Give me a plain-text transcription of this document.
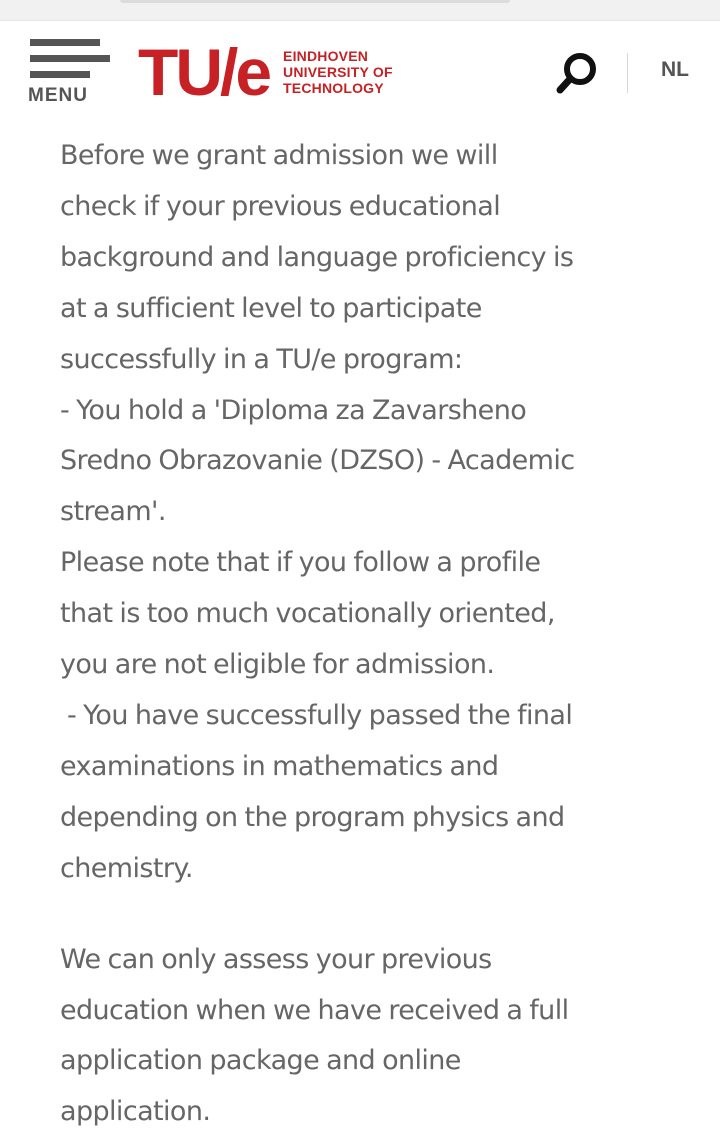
MENU TU/e EINDHOVEN
UNIVERSITY OF
TECHNOLOGY
NL

Before we grant admission we will
check if your previous educational
background and language proficiency is
at a sufficient level to participate
successfully in a TU/e program:
- You hold a 'Diploma za Zavarsheno
Sredno Obrazovanie (DZSO) - Academic
stream'.
Please note that if you follow a profile
that is too much vocationally oriented,
you are not eligible for admission.
- You have successfully passed the final
examinations in mathematics and
depending on the program physics and
chemistry.

We can only assess your previous
education when we have received a full
application package and online
application.
